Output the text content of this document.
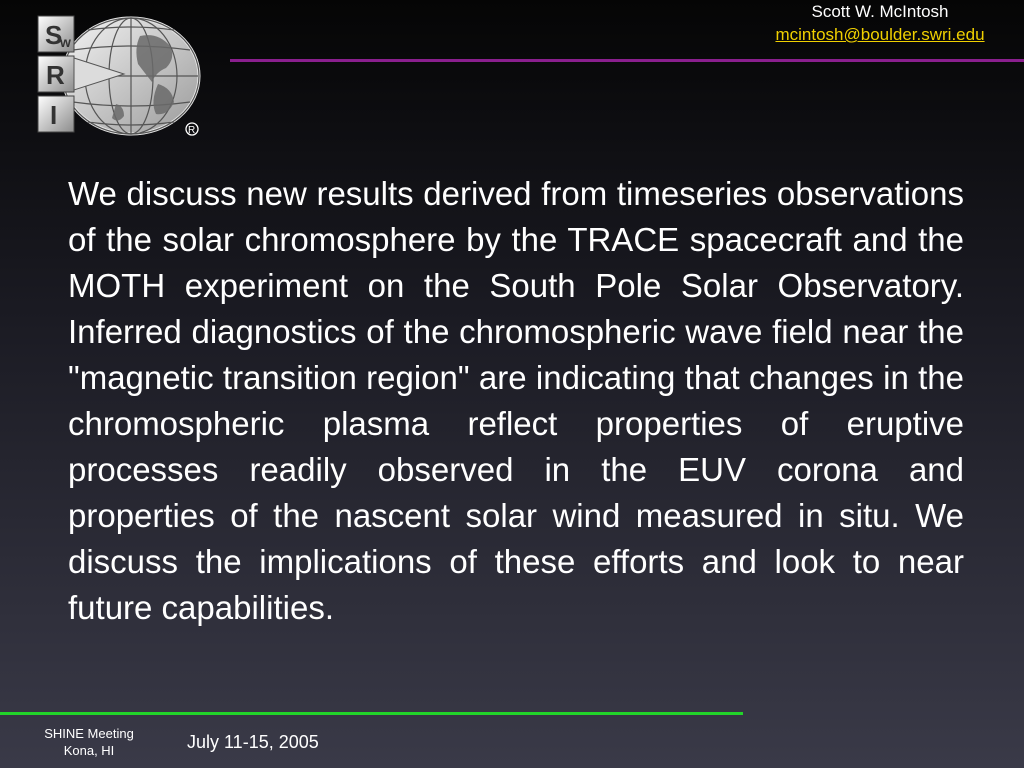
S
w
R
I
R
Scott W. McIntosh
mcintosh@boulder.swri.edu

We discuss new results derived from timeseries observations of the solar chromosphere by the TRACE spacecraft and the MOTH experiment on the South Pole Solar Observatory. Inferred diagnostics of the chromospheric wave field near the "magnetic transition region" are indicating that changes in the chromospheric plasma reflect properties of eruptive processes readily observed in the EUV corona and properties of the nascent solar wind measured in situ. We discuss the implications of these efforts and look to near future capabilities.

SHINE Meeting
Kona, HI	July 11-15, 2005
